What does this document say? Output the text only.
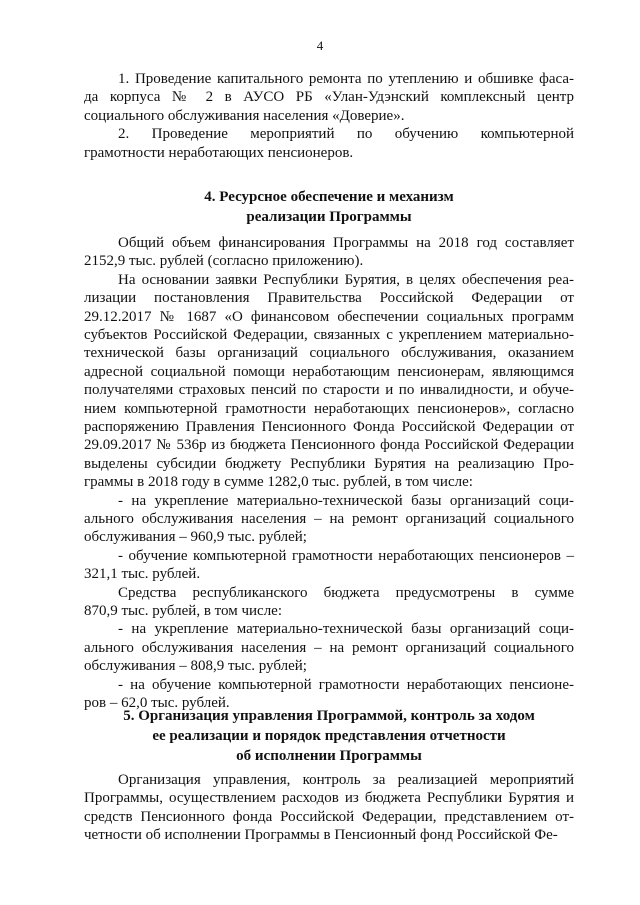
4
1. Проведение капитального ремонта по утеплению и обшивке фаса-
да корпуса № 2 в АУСО РБ «Улан-Удэнский комплексный центр
социального обслуживания населения «Доверие».
2. Проведение мероприятий по обучению компьютерной
грамотности неработающих пенсионеров.
4. Ресурсное обеспечение и механизм
реализации Программы
Общий объем финансирования Программы на 2018 год составляет
2152,9 тыс. рублей (согласно приложению).
На основании заявки Республики Бурятия, в целях обеспечения реа-
лизации постановления Правительства Российской Федерации от
29.12.2017 № 1687 «О финансовом обеспечении социальных программ
субъектов Российской Федерации, связанных с укреплением материально-
технической базы организаций социального обслуживания, оказанием
адресной социальной помощи неработающим пенсионерам, являющимся
получателями страховых пенсий по старости и по инвалидности, и обуче-
нием компьютерной грамотности неработающих пенсионеров», согласно
распоряжению Правления Пенсионного Фонда Российской Федерации от
29.09.2017 № 536р из бюджета Пенсионного фонда Российской Федерации
выделены субсидии бюджету Республики Бурятия на реализацию Про-
граммы в 2018 году в сумме 1282,0 тыс. рублей, в том числе:
- на укрепление материально-технической базы организаций соци-
ального обслуживания населения – на ремонт организаций социального
обслуживания – 960,9 тыс. рублей;
- обучение компьютерной грамотности неработающих пенсионеров –
321,1 тыс. рублей.
Средства республиканского бюджета предусмотрены в сумме
870,9 тыс. рублей, в том числе:
- на укрепление материально-технической базы организаций соци-
ального обслуживания населения – на ремонт организаций социального
обслуживания – 808,9 тыс. рублей;
- на обучение компьютерной грамотности неработающих пенсионе-
ров – 62,0 тыс. рублей.
5. Организация управления Программой, контроль за ходом
ее реализации и порядок представления отчетности
об исполнении Программы
Организация управления, контроль за реализацией мероприятий
Программы, осуществлением расходов из бюджета Республики Бурятия и
средств Пенсионного фонда Российской Федерации, представлением от-
четности об исполнении Программы в Пенсионный фонд Российской Фе-
